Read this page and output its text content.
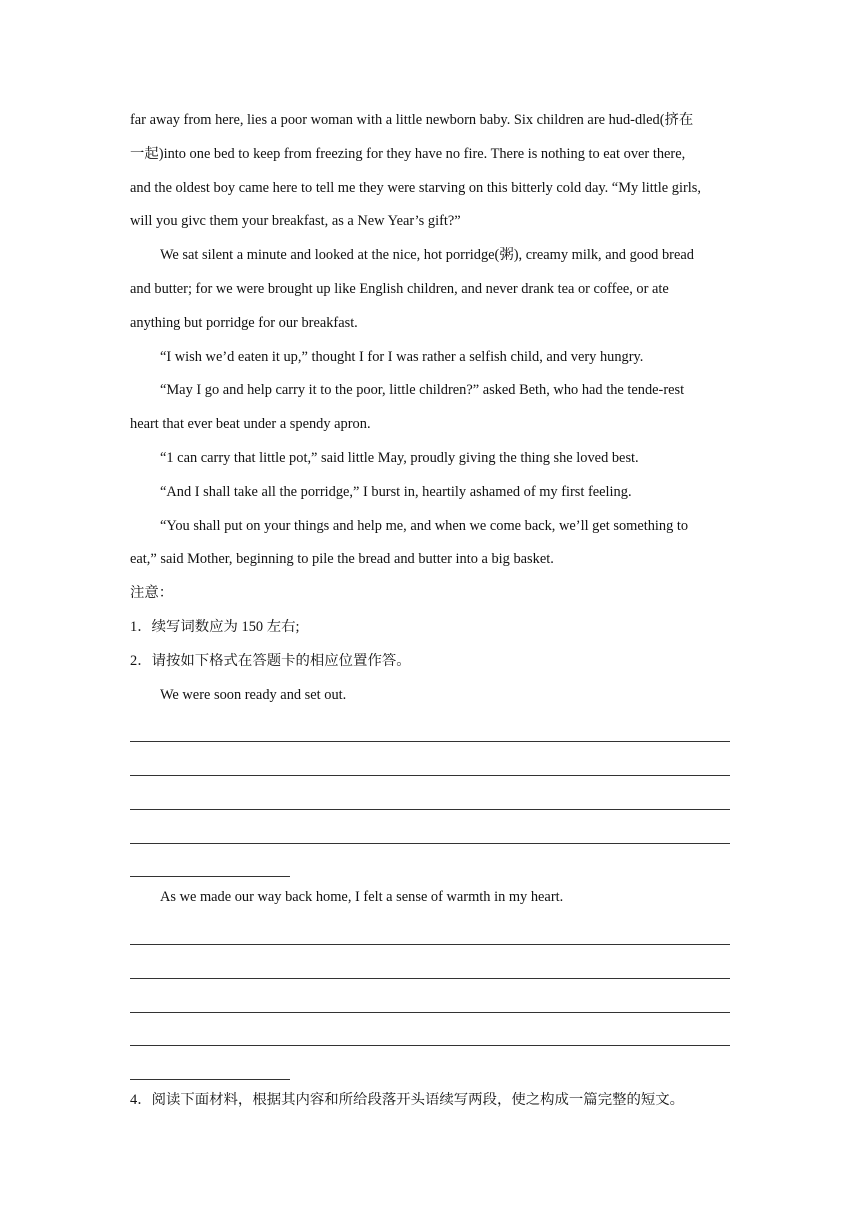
far away from here, lies a poor woman with a little newborn baby. Six children are hud-dled(挤在
一起)into one bed to keep from freezing for they have no fire. There is nothing to eat over there,
and the oldest boy came here to tell me they were starving on this bitterly cold day. “My little girls,
will you givc them your breakfast, as a New Year’s gift?”
We sat silent a minute and looked at the nice, hot porridge(粥), creamy milk, and good bread
and butter; for we were brought up like English children, and never drank tea or coffee, or ate
anything but porridge for our breakfast.
“I wish we’d eaten it up,” thought I for I was rather a selfish child, and very hungry.
“May I go and help carry it to the poor, little children?” asked Beth, who had the tende-rest
heart that ever beat under a spendy apron.
“1 can carry that little pot,” said little May, proudly giving the thing she loved best.
“And I shall take all the porridge,” I burst in, heartily ashamed of my first feeling.
“You shall put on your things and help me, and when we come back, we’ll get something to
eat,” said Mother, beginning to pile the bread and butter into a big basket.
注意：
1．续写词数应为 150 左右;
2．请按如下格式在答题卡的相应位置作答。
We were soon ready and set out.
As we made our way back home, I felt a sense of warmth in my heart.
4．阅读下面材料，根据其内容和所给段落开头语续写两段，使之构成一篇完整的短文。
